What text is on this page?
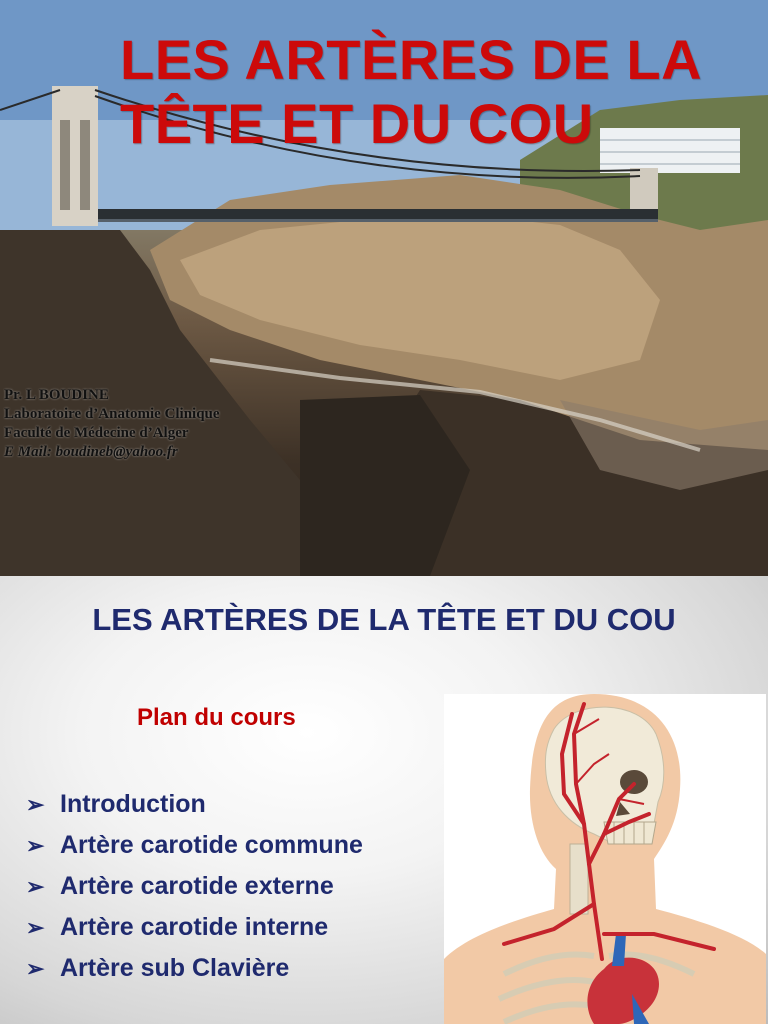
LES ARTÈRES DE LA
TÊTE ET DU COU
Pr. L BOUDINE
Laboratoire d’Anatomie Clinique
Faculté de Médecine d’Alger
E Mail: boudineb@yahoo.fr
LES ARTÈRES DE LA TÊTE ET DU COU
Plan du cours
➢ Introduction
➢ Artère carotide commune
➢ Artère carotide externe
➢ Artère carotide interne
➢ Artère sub Clavière
